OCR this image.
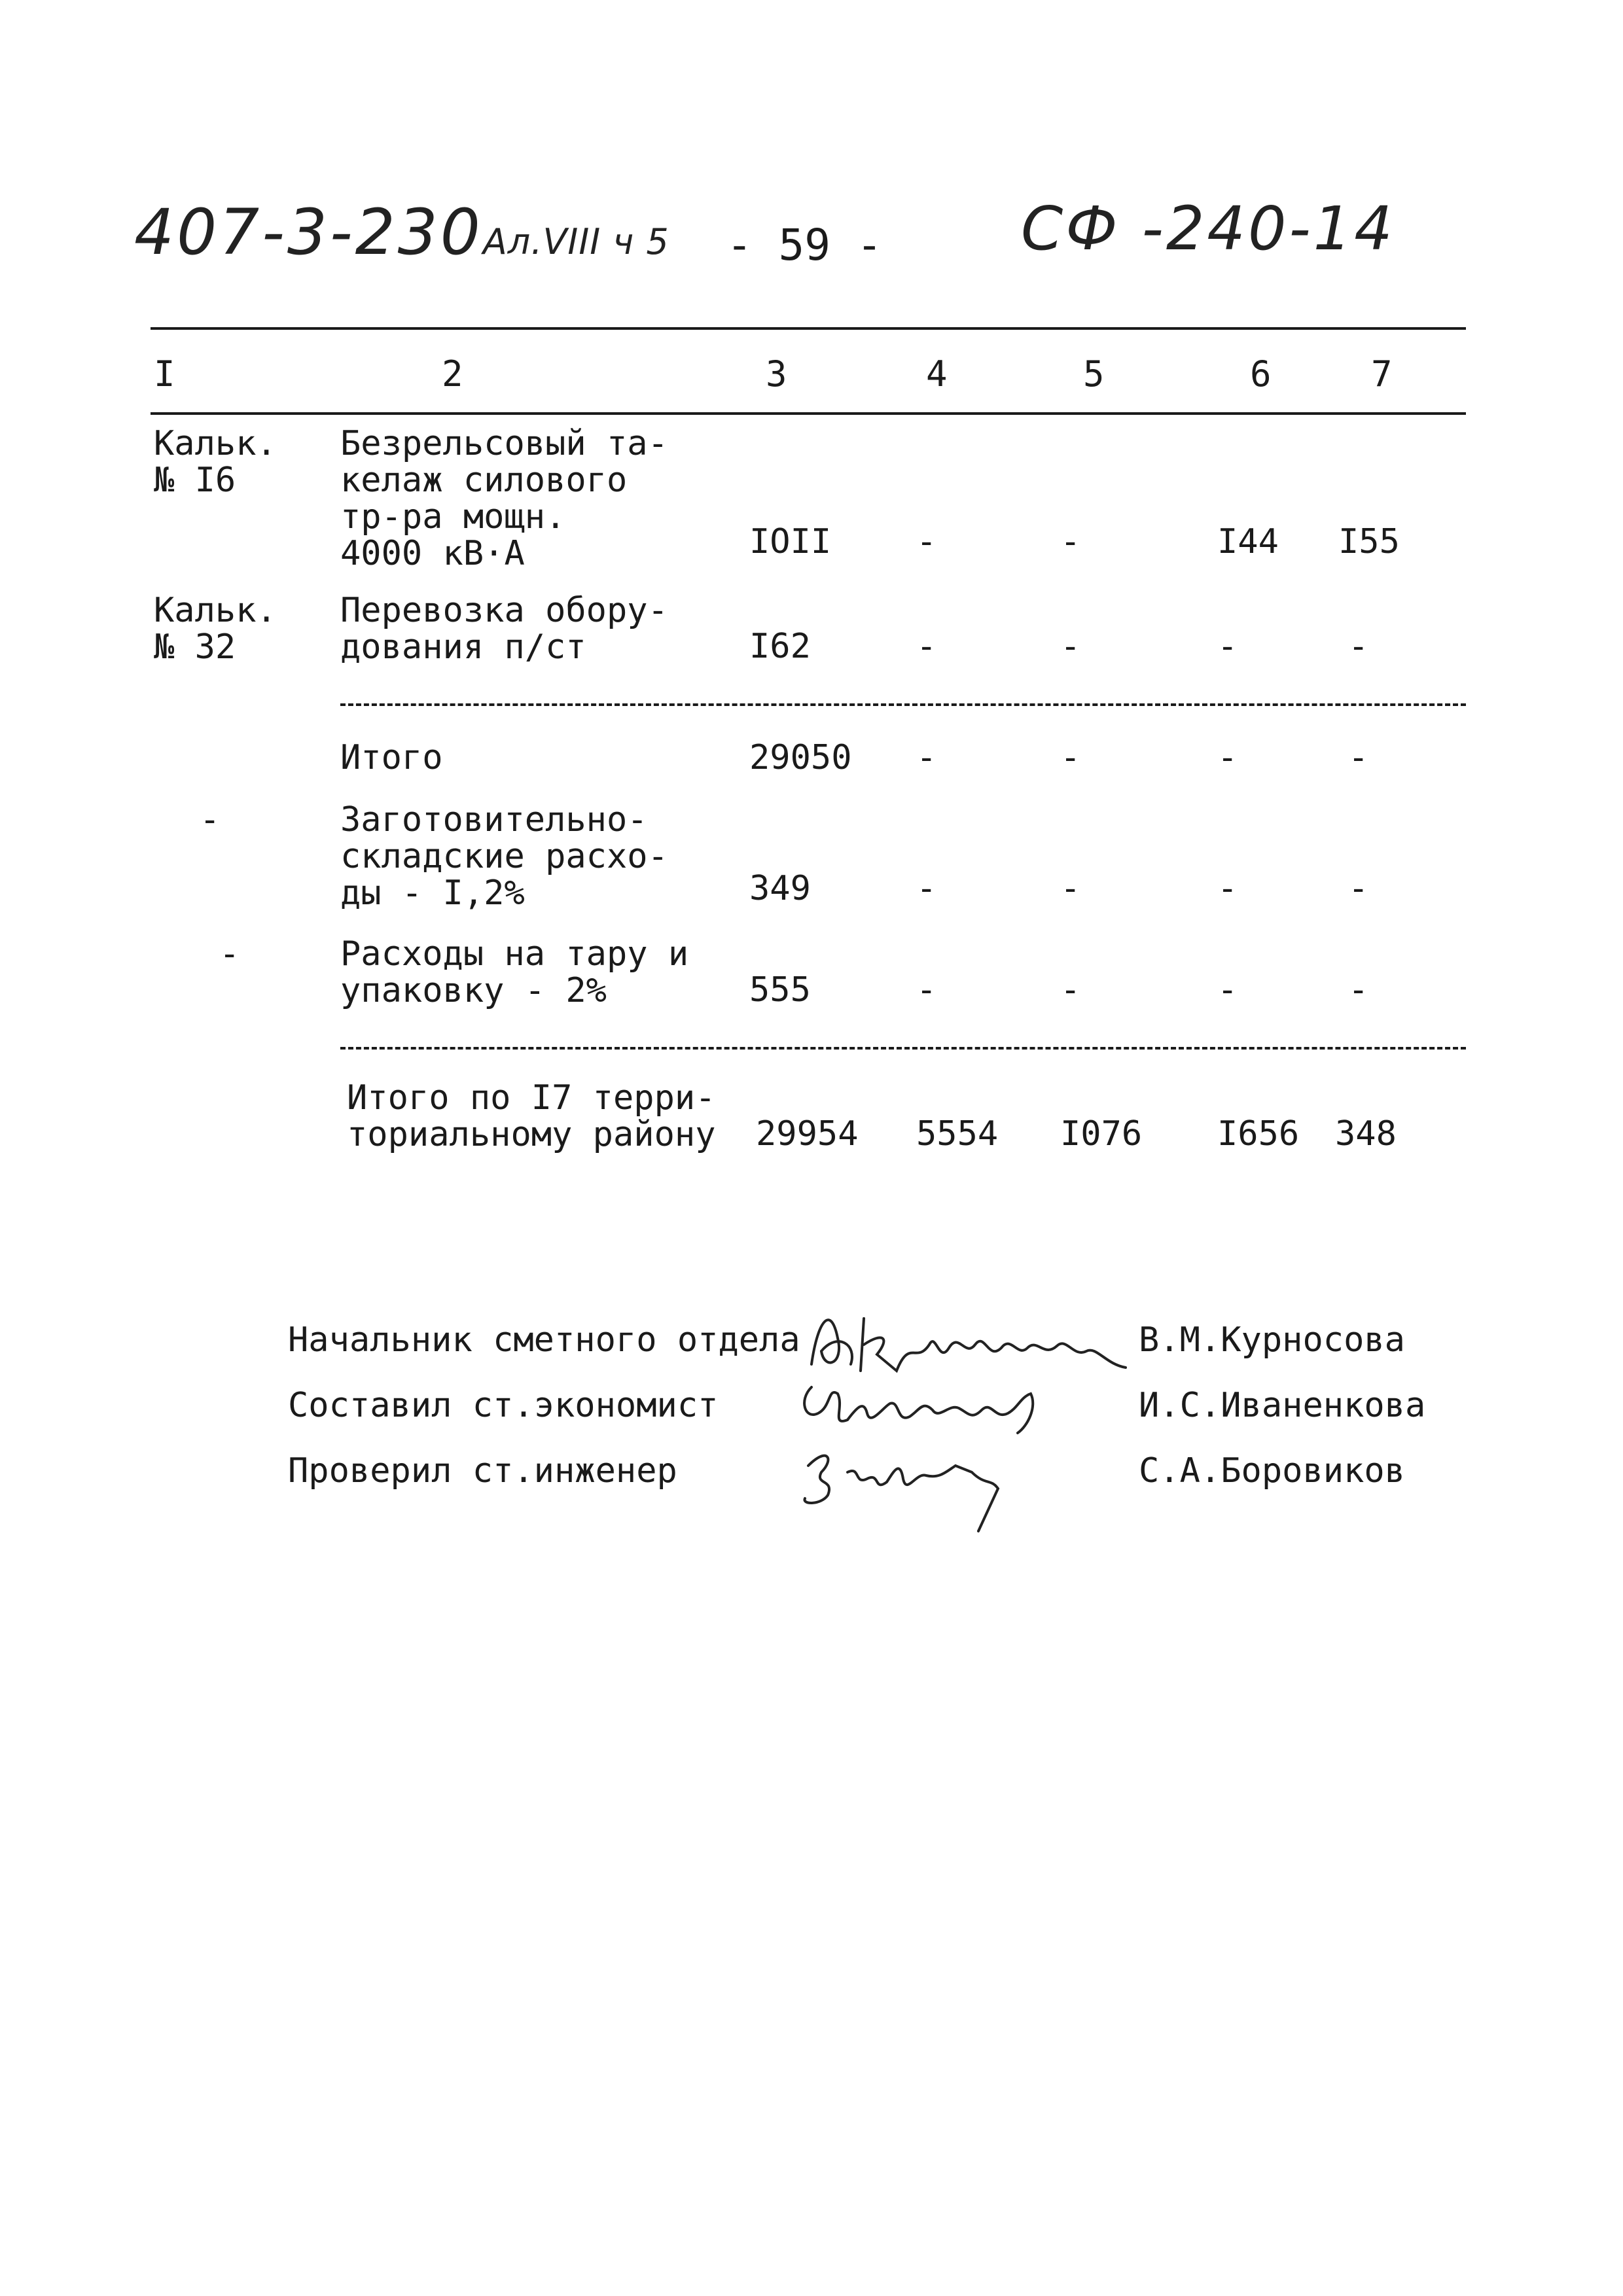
407-3-230Ал.VIII ч 5 - 59 - СФ -240-14
I	2	3	4	5	6	7
Кальк.
№ I6
Безрельсовый та-
келаж силового
тр-ра мощн.
4000 кВ·А	IOII -	-	I44 I55
Кальк.
№ 32
Перевозка обору-
дования п/ст	I62	-	-	-	-
Итого	29050 -	-	-	-
-	Заготовительно-
складские расхо-
ды - I,2%	349	-	-	-	-
-	Расходы на тару и
упаковку - 2%	555	-	-	-	-
Итого по I7 терри-
ториальному району 29954 5554 I076 I656 348
Начальник сметного отдела
Составил ст.экономист
Проверил ст.инженер
В.М.Курносова
И.С.Иваненкова
С.А.Боровиков
